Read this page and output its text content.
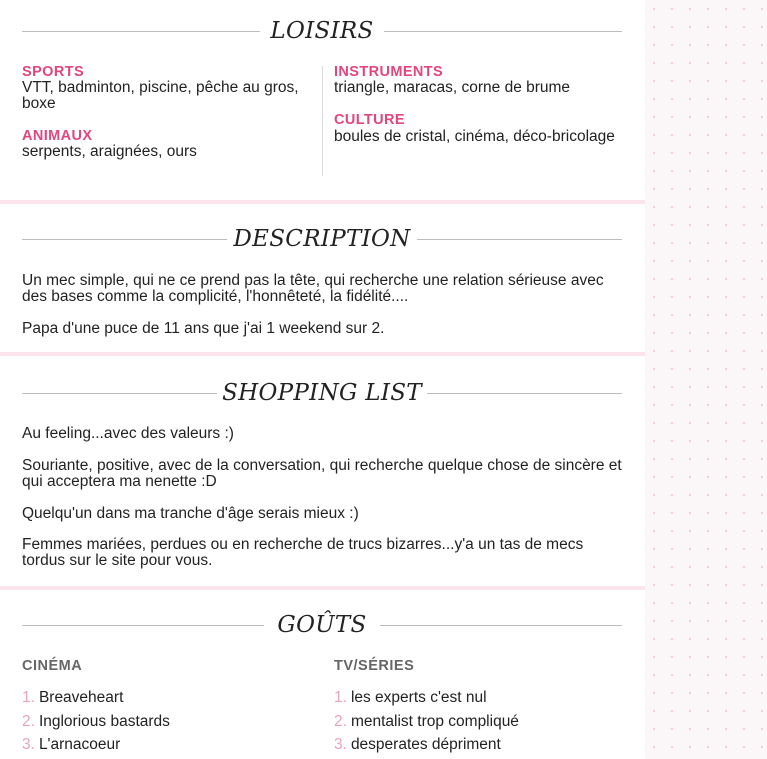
LOISIRS
SPORTS
VTT, badminton, piscine, pêche au gros, boxe
ANIMAUX
serpents, araignées, ours
INSTRUMENTS
triangle, maracas, corne de brume
CULTURE
boules de cristal, cinéma, déco-bricolage
DESCRIPTION
Un mec simple, qui ne ce prend pas la tête, qui recherche une relation sérieuse avec des bases comme la complicité, l'honnêteté, la fidélité....
Papa d'une puce de 11 ans que j'ai 1 weekend sur 2.
SHOPPING LIST
Au feeling...avec des valeurs :)
Souriante, positive, avec de la conversation, qui recherche quelque chose de sincère et qui acceptera ma nenette :D
Quelqu'un dans ma tranche d'âge serais mieux :)
Femmes mariées, perdues ou en recherche de trucs bizarres...y'a un tas de mecs tordus sur le site pour vous.
GOÛTS
CINÉMA
1. Breaveheart
2. Inglorious bastards
3. L'arnacoeur
TV/SÉRIES
1. les experts c'est nul
2. mentalist trop compliqué
3. desperates dépriment
